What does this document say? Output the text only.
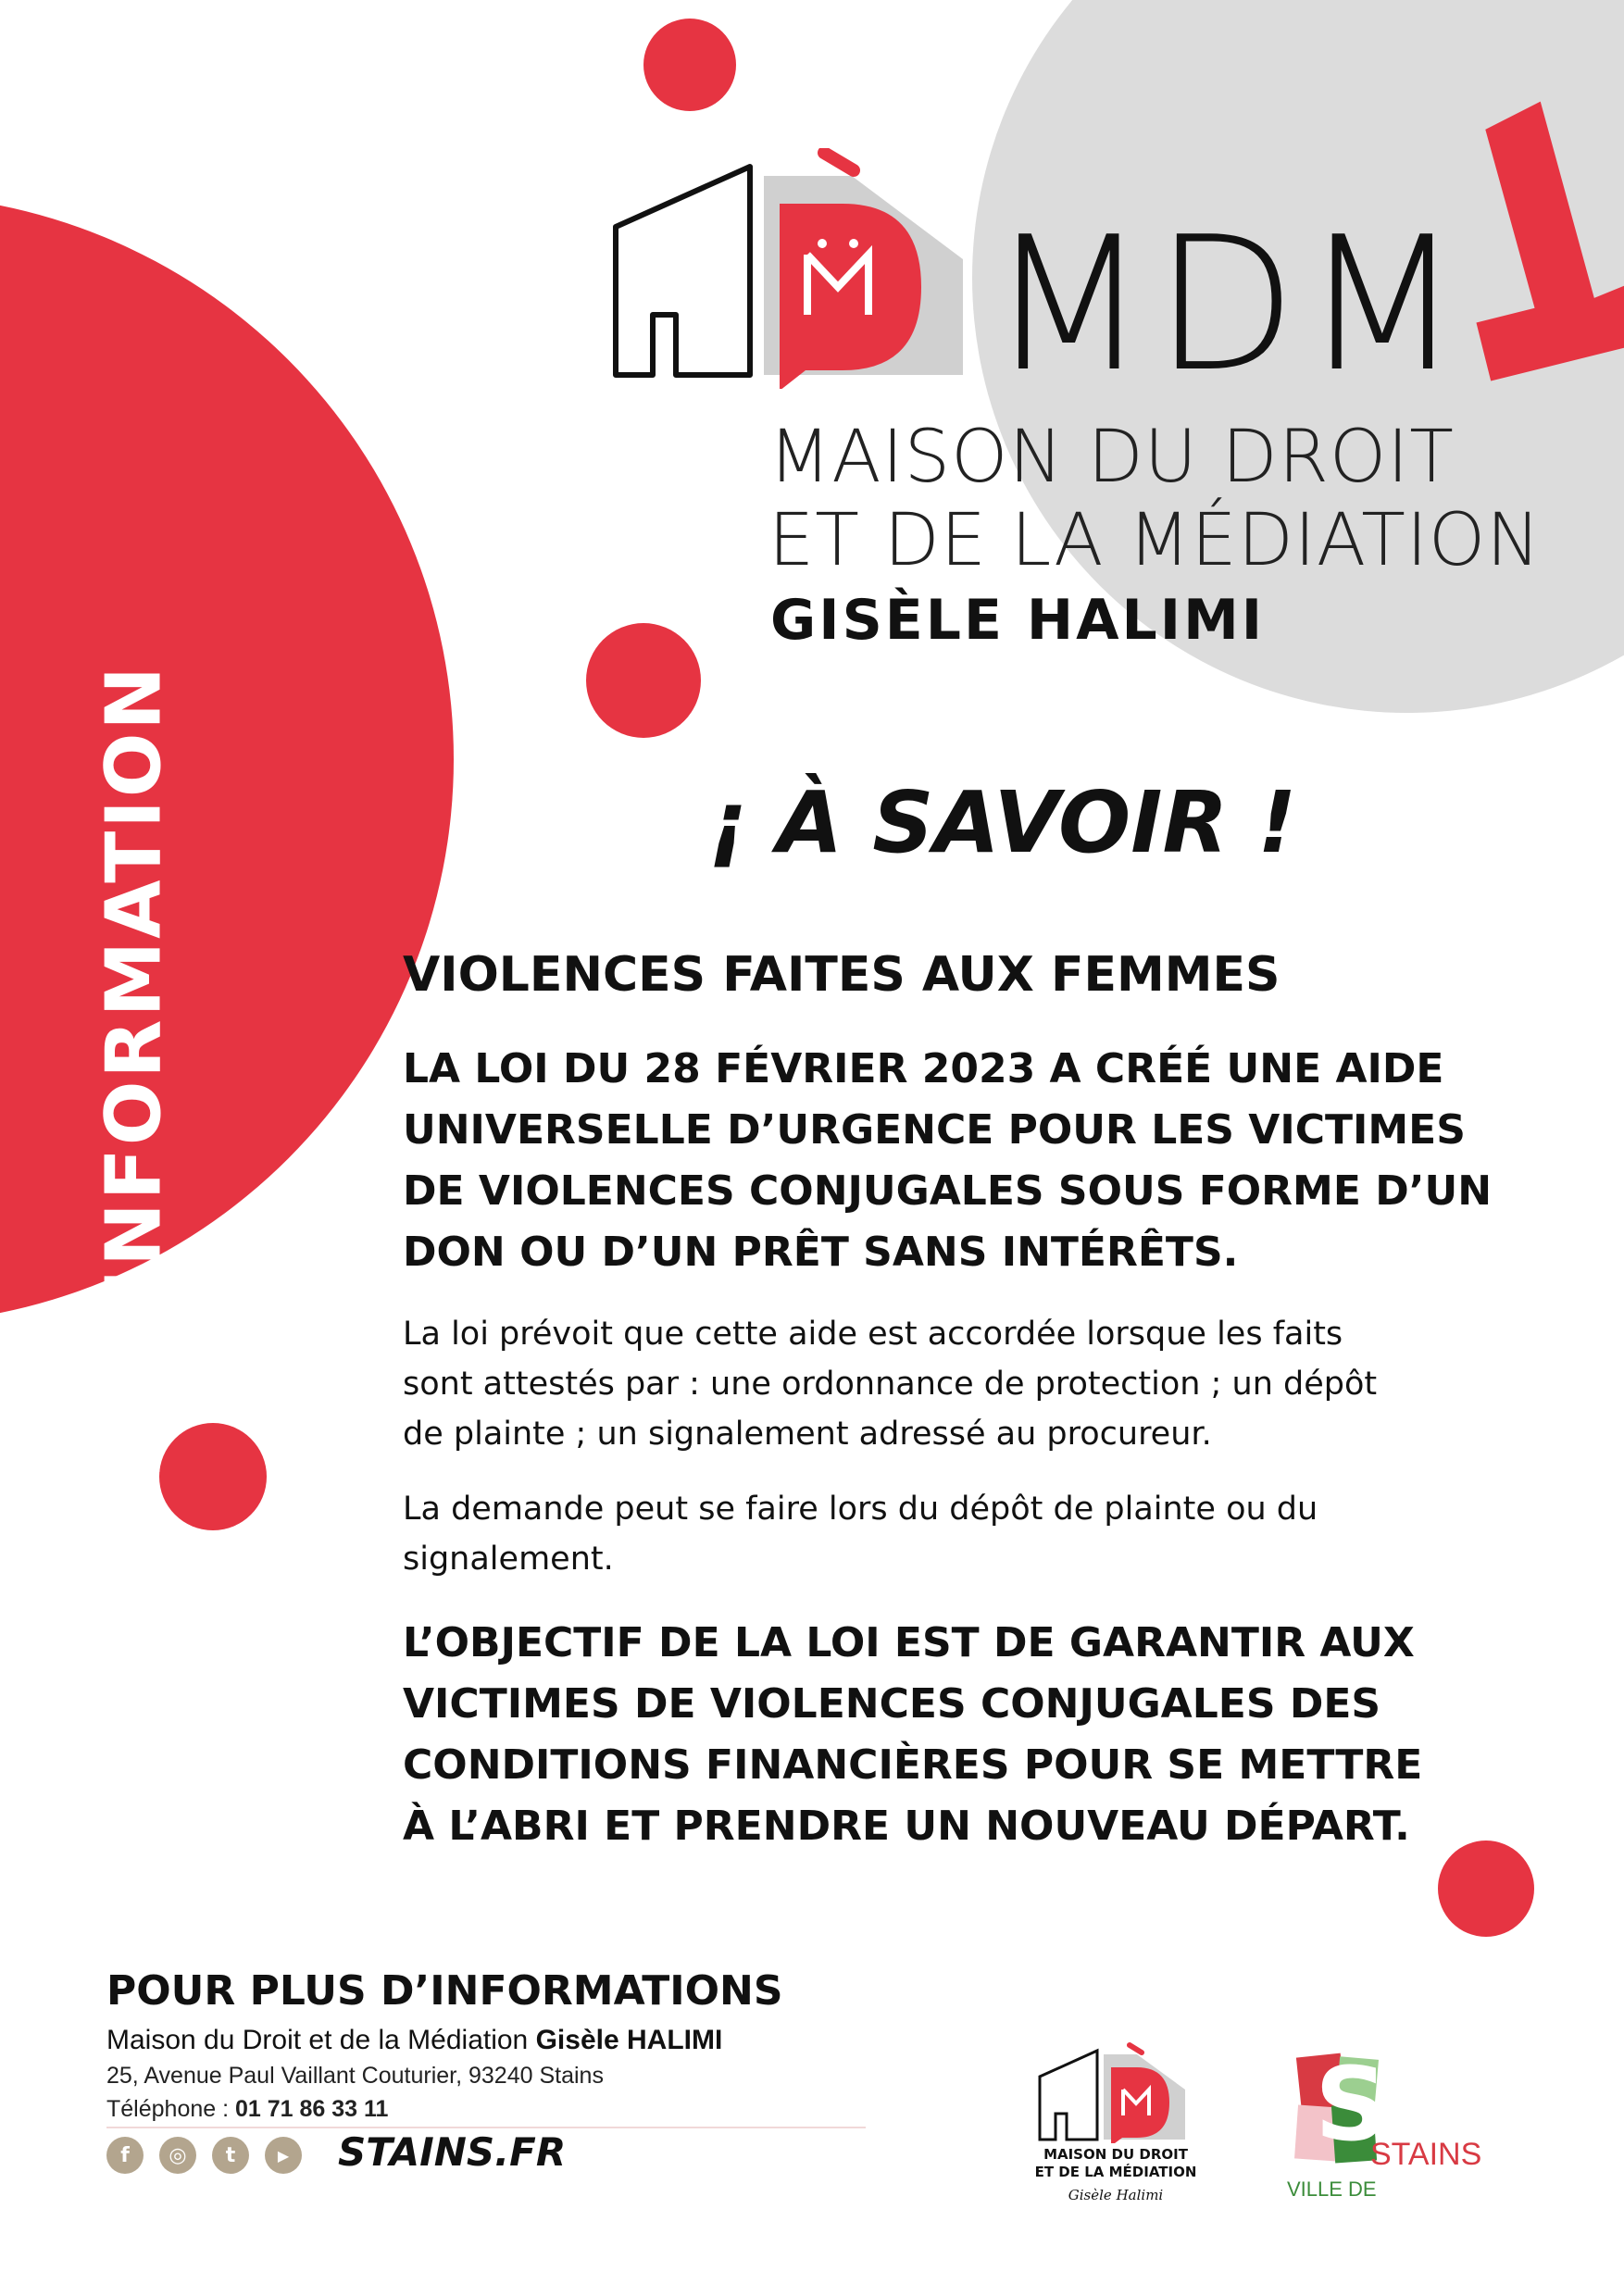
MDMINFORMATION
MDM
MAISON DU DROIT
ET DE LA MÉDIATION
GISÈLE HALIMI
¡ À SAVOIR !
VIOLENCES FAITES AUX FEMMES
LA LOI DU 28 FÉVRIER 2023 A CRÉÉ UNE AIDE
UNIVERSELLE D’URGENCE POUR LES VICTIMES
DE VIOLENCES CONJUGALES SOUS FORME D’UN
DON OU D’UN PRÊT SANS INTÉRÊTS.
La loi prévoit que cette aide est accordée lorsque les faits
sont attestés par : une ordonnance de protection ; un dépôt
de plainte ; un signalement adressé au procureur.
La demande peut se faire lors du dépôt de plainte ou du
signalement.
L’OBJECTIF DE LA LOI EST DE GARANTIR AUX
VICTIMES DE VIOLENCES CONJUGALES DES
CONDITIONS FINANCIÈRES POUR SE METTRE
À L’ABRI ET PRENDRE UN NOUVEAU DÉPART.
POUR PLUS D’INFORMATIONS
Maison du Droit et de la Médiation Gisèle HALIMI
25, Avenue Paul Vaillant Couturier, 93240 Stains
Téléphone : 01 71 86 33 11
f	◎	t	▶	STAINS.FR	MAISON DU DROIT
ET DE LA MÉDIATION
Gisèle Halimi
S
VILLE DE
STAINS
